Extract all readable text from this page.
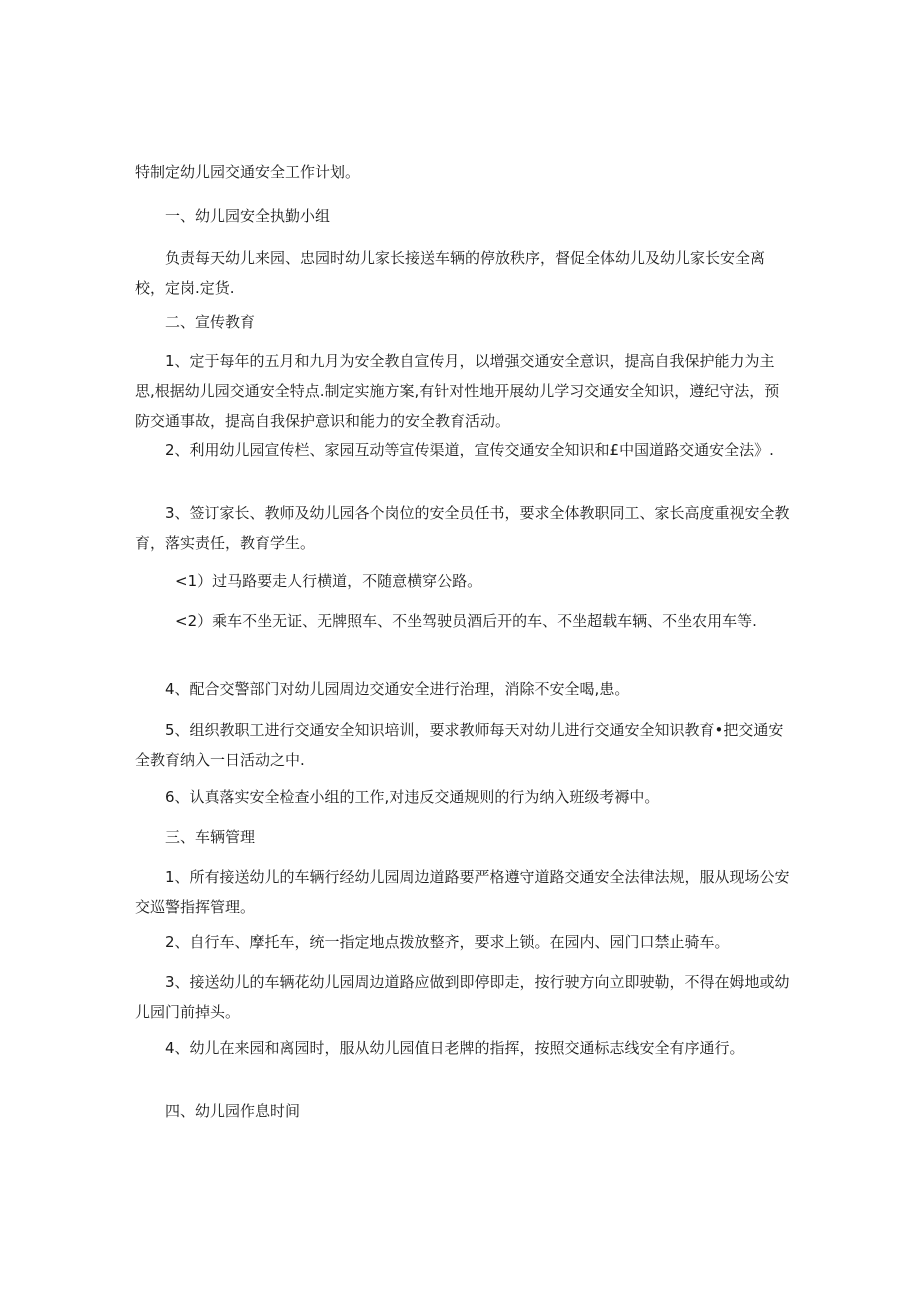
特制定幼儿园交通安全工作计划。

一、幼儿园安全执勤小组

负责每天幼儿来园、忠园时幼儿家长接送车辆的停放秩序，督促全体幼儿及幼儿家长安全离校，定岗.定货.

二、宣传教育

1、定于每年的五月和九月为安全教自宣传月，以增强交通安全意识，提高自我保护能力为主思,根据幼儿园交通安全特点.制定实施方案,有针对性地开展幼儿学习交通安全知识，遵纪守法，预防交通事故，提高自我保护意识和能力的安全教育活动。

2、利用幼儿园宣传栏、家园互动等宣传渠道，宣传交通安全知识和£中国道路交通安全法》.

3、签订家长、教师及幼儿园各个岗位的安全员任书，要求全体教职同工、家长高度重视安全教育，落实责任，教育学生。

<1）过马路要走人行横道，不随意横穿公路。

<2）乘车不坐无证、无牌照车、不坐驾驶员酒后开的车、不坐超载车辆、不坐农用车等.

4、配合交警部门对幼儿园周边交通安全进行治理，消除不安全喝,患。

5、组织教职工进行交通安全知识培训，要求教师每天对幼儿进行交通安全知识教育•把交通安全教育纳入一日活动之中.

6、认真落实安全检查小组的工作,对违反交通规则的行为纳入班级考褥中。

三、车辆管理

1、所有接送幼儿的车辆行经幼儿园周边道路要严格遵守道路交通安全法律法规，服从现场公安交巡警指挥管理。

2、自行车、摩托车，统一指定地点拨放整齐，要求上锁。在园内、园门口禁止骑车。

3、接送幼儿的车辆花幼儿园周边道路应做到即停即走，按行驶方向立即驶勒，不得在姆地或幼儿园门前掉头。

4、幼儿在来园和离园时，服从幼儿园值日老牌的指挥，按照交通标志线安全有序通行。

四、幼儿园作息时间
